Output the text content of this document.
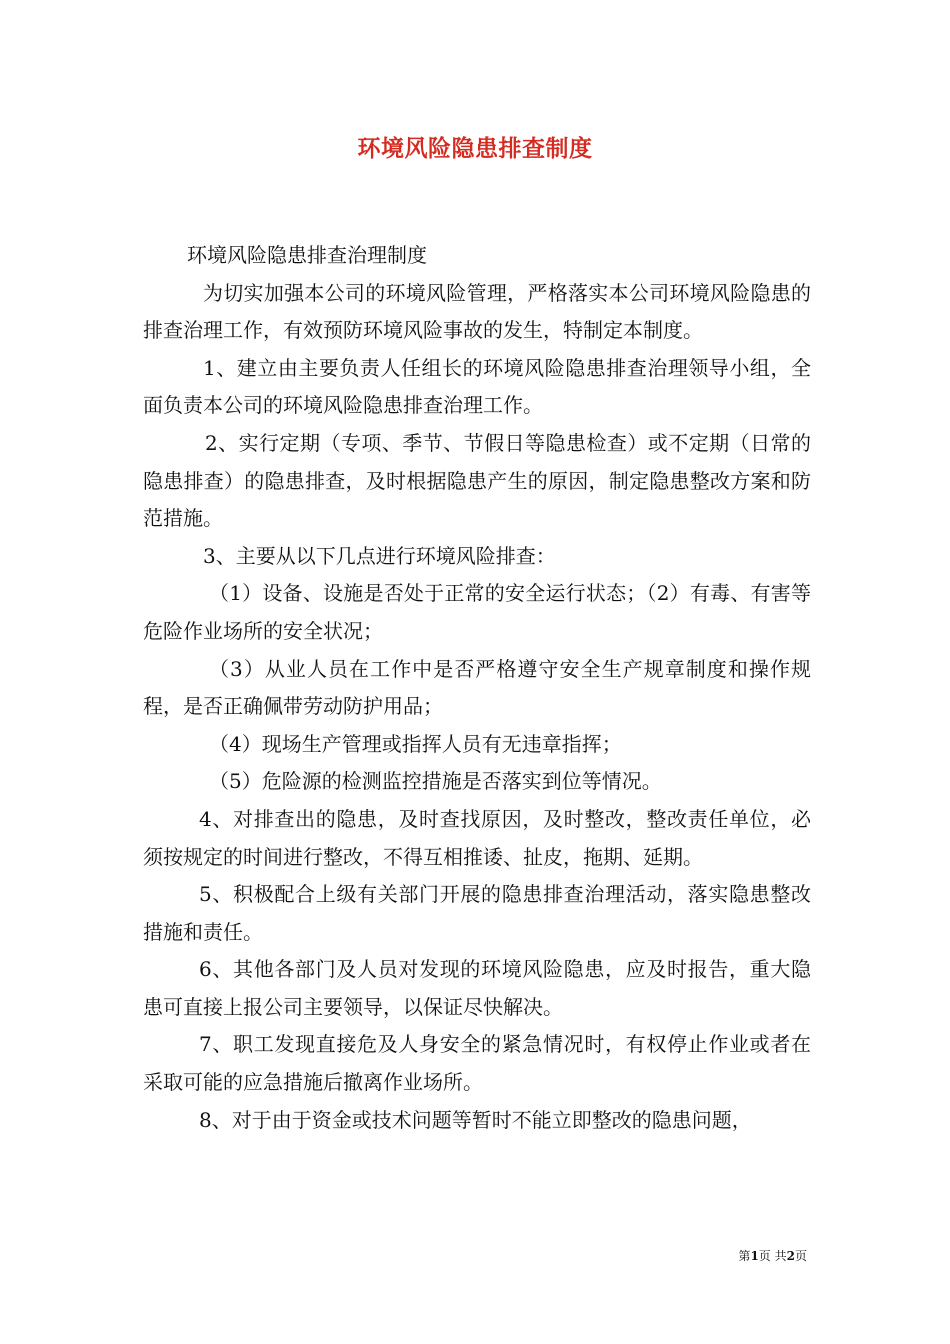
环境风险隐患排查制度

环境风险隐患排查治理制度

为切实加强本公司的环境风险管理，严格落实本公司环境风险隐患的排查治理工作，有效预防环境风险事故的发生，特制定本制度。

1、建立由主要负责人任组长的环境风险隐患排查治理领导小组，全面负责本公司的环境风险隐患排查治理工作。

2、实行定期（专项、季节、节假日等隐患检查）或不定期（日常的隐患排查）的隐患排查，及时根据隐患产生的原因，制定隐患整改方案和防范措施。

3、主要从以下几点进行环境风险排查：

（1）设备、设施是否处于正常的安全运行状态；（2）有毒、有害等危险作业场所的安全状况；

（3）从业人员在工作中是否严格遵守安全生产规章制度和操作规程，是否正确佩带劳动防护用品；

（4）现场生产管理或指挥人员有无违章指挥；

（5）危险源的检测监控措施是否落实到位等情况。

4、对排查出的隐患，及时查找原因，及时整改，整改责任单位，必须按规定的时间进行整改，不得互相推诿、扯皮，拖期、延期。

5、积极配合上级有关部门开展的隐患排查治理活动，落实隐患整改措施和责任。

6、其他各部门及人员对发现的环境风险隐患，应及时报告，重大隐患可直接上报公司主要领导，以保证尽快解决。

7、职工发现直接危及人身安全的紧急情况时，有权停止作业或者在采取可能的应急措施后撤离作业场所。

8、对于由于资金或技术问题等暂时不能立即整改的隐患问题，

第1页 共2页
